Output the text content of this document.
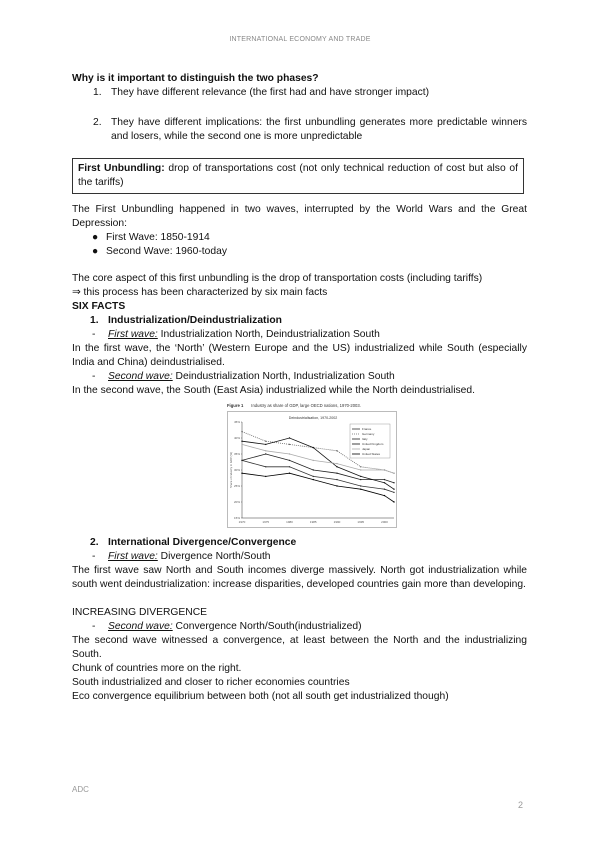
INTERNATIONAL ECONOMY AND TRADE
Why is it important to distinguish the two phases?
1. They have different relevance (the first had and have stronger impact)
2. They have different implications: the first unbundling generates more predictable winners and losers, while the second one is more unpredictable
First Unbundling: drop of transportations cost (not only technical reduction of cost but also of the tariffs)
The First Unbundling happened in two waves, interrupted by the World Wars and the Great Depression:
● First Wave: 1850-1914
● Second Wave: 1960-today
The core aspect of this first unbundling is the drop of transportation costs (including tariffs)
⇒ this process has been characterized by six main facts
SIX FACTS
1. Industrialization/Deindustrialization
- First wave: Industrialization North, Deindustrialization South
In the first wave, the ‘North’ (Western Europe and the US) industrialized while South (especially India and China) deindustrialised.
- Second wave: Deindustrialization North, Industrialization South
In the second wave, the South (East Asia) industrialized while the North deindustrialised.
Figure 1 Industry as share of GDP, large OECD nations, 1970-2003.
Deindustrialisation, 1970-2002
15%
20%
25%
30%
35%
40%
45%
1970	1975	1980	1985	1990	1995	2000
Share of industry in GDP (%)
France
Germany
Italy
United Kingdom
Japan
United States
2. International Divergence/Convergence
- First wave: Divergence North/South
The first wave saw North and South incomes diverge massively. North got industrialization while south went deindustrialization: increase disparities, developed countries gain more than developing.
INCREASING DIVERGENCE
- Second wave: Convergence North/South(industrialized)
The second wave witnessed a convergence, at least between the North and the industrializing South.
Chunk of countries more on the right.
South industrialized and closer to richer economies countries
Eco convergence equilibrium between both (not all south get industrialized though)
ADC
2
